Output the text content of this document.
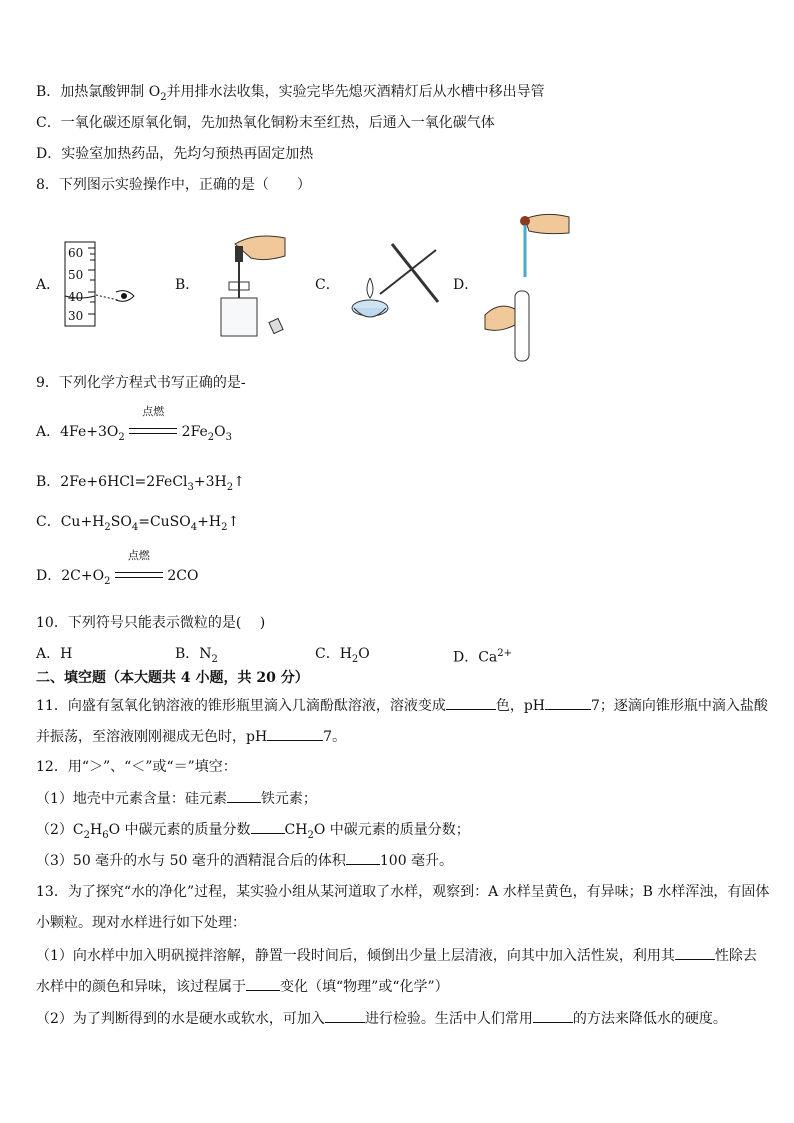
B．加热氯酸钾制 $O_2$并用排水法收集，实验完毕先熄灭酒精灯后从水槽中移出导管
C．一氧化碳还原氧化铜，先加热氧化铜粉末至红热，后通入一氧化碳气体
D．实验室加热药品，先均匀预热再固定加热
8．下列图示实验操作中，正确的是（　　）
A．	B．	C．	D．
60
50
40
30
9．下列化学方程式书写正确的是-
A．$4Fe+3O_2$
点燃
$2Fe_2O_3$
B．$2Fe+6HCl=2FeCl_3+3H_2↑$
C．$Cu+H_2SO_4=CuSO_4+H_2↑$
D．$2C+O_2$
点燃
2CO
10．下列符号只能表示微粒的是(　 )
A．H	B．$N_2$	C．$H_2O$	D．$Ca^{2+}$
二、填空题（本大题共 4 小题，共 20 分）
11．向盛有氢氧化钠溶液的锥形瓶里滴入几滴酚酞溶液，溶液变成	色，pH	7；逐滴向锥形瓶中滴入盐酸
并振荡，至溶液刚刚褪成无色时，pH	7。
12．用“＞”、“＜”或“＝”填空：
（1）地壳中元素含量：硅元素 铁元素；
$(2)C_2H_6O$ 中碳元素的质量分数 $CH_2O$ 中碳元素的质量分数；
（3）50 毫升的水与 50 毫升的酒精混合后的体积 100 毫升。
13．为了探究“水的净化”过程，某实验小组从某河道取了水样，观察到：A 水样呈黄色，有异味；B 水样浑浊，有固体
小颗粒。现对水样进行如下处理：
（1）向水样中加入明矾搅拌溶解，静置一段时间后，倾倒出少量上层清液，向其中加入活性炭，利用其	性除去
水样中的颜色和异味，该过程属于 变化（填“物理”或“化学”）
（2）为了判断得到的水是硬水或软水，可加入	进行检验。生活中人们常用	的方法来降低水的硬度。
